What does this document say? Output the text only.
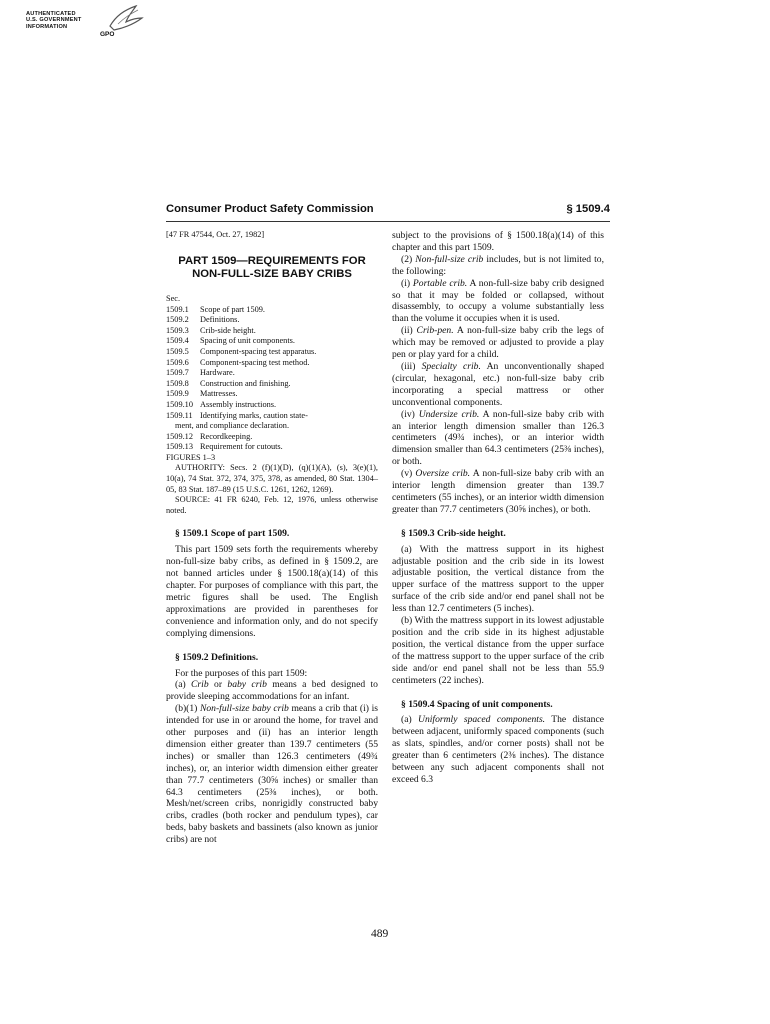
AUTHENTICATED
U.S. GOVERNMENT
INFORMATION
GPO
Consumer Product Safety Commission	§ 1509.4

[47 FR 47544, Oct. 27, 1982]

PART 1509—REQUIREMENTS FOR
NON-FULL-SIZE BABY CRIBS
Sec.
1509.1	Scope of part 1509.
1509.2	Definitions.
1509.3	Crib-side height.
1509.4	Spacing of unit components.
1509.5	Component-spacing test apparatus.
1509.6	Component-spacing test method.
1509.7	Hardware.
1509.8	Construction and finishing.
1509.9	Mattresses.
1509.10 Assembly instructions.
1509.11 Identifying marks, caution state-
ment, and compliance declaration.
1509.12 Recordkeeping.
1509.13 Requirement for cutouts.
FIGURES 1–3

AUTHORITY: Secs. 2 (f)(1)(D), (q)(1)(A), (s), 3(e)(1), 10(a), 74 Stat. 372, 374, 375, 378, as amended, 80 Stat. 1304–05, 83 Stat. 187–89 (15 U.S.C. 1261, 1262, 1269).

SOURCE: 41 FR 6240, Feb. 12, 1976, unless otherwise noted.

§ 1509.1 Scope of part 1509.

This part 1509 sets forth the requirements whereby non-full-size baby cribs, as defined in § 1509.2, are not banned articles under § 1500.18(a)(14) of this chapter. For purposes of compliance with this part, the metric figures shall be used. The English approximations are provided in parentheses for convenience and information only, and do not specify complying dimensions.

§ 1509.2 Definitions.

For the purposes of this part 1509:

(a) Crib or baby crib means a bed designed to provide sleeping accommodations for an infant.

(b)(1) Non-full-size baby crib means a crib that (i) is intended for use in or around the home, for travel and other purposes and (ii) has an interior length dimension either greater than 139.7 centimeters (55 inches) or smaller than 126.3 centimeters (49¾ inches), or, an interior width dimension either greater than 77.7 centimeters (30⅝ inches) or smaller than 64.3 centimeters (25⅜ inches), or both. Mesh/net/screen cribs, nonrigidly constructed baby cribs, cradles (both rocker and pendulum types), car beds, baby baskets and bassinets (also known as junior cribs) are not

subject to the provisions of § 1500.18(a)(14) of this chapter and this part 1509.

(2) Non-full-size crib includes, but is not limited to, the following:

(i) Portable crib. A non-full-size baby crib designed so that it may be folded or collapsed, without disassembly, to occupy a volume substantially less than the volume it occupies when it is used.

(ii) Crib-pen. A non-full-size baby crib the legs of which may be removed or adjusted to provide a play pen or play yard for a child.

(iii) Specialty crib. An unconventionally shaped (circular, hexagonal, etc.) non-full-size baby crib incorporating a special mattress or other unconventional components.

(iv) Undersize crib. A non-full-size baby crib with an interior length dimension smaller than 126.3 centimeters (49¾ inches), or an interior width dimension smaller than 64.3 centimeters (25⅜ inches), or both.

(v) Oversize crib. A non-full-size baby crib with an interior length dimension greater than 139.7 centimeters (55 inches), or an interior width dimension greater than 77.7 centimeters (30⅝ inches), or both.

§ 1509.3 Crib-side height.

(a) With the mattress support in its highest adjustable position and the crib side in its lowest adjustable position, the vertical distance from the upper surface of the mattress support to the upper surface of the crib side and/or end panel shall not be less than 12.7 centimeters (5 inches).

(b) With the mattress support in its lowest adjustable position and the crib side in its highest adjustable position, the vertical distance from the upper surface of the mattress support to the upper surface of the crib side and/or end panel shall not be less than 55.9 centimeters (22 inches).

§ 1509.4 Spacing of unit components.

(a) Uniformly spaced components. The distance between adjacent, uniformly spaced components (such as slats, spindles, and/or corner posts) shall not be greater than 6 centimeters (2⅜ inches). The distance between any such adjacent components shall not exceed 6.3

489
